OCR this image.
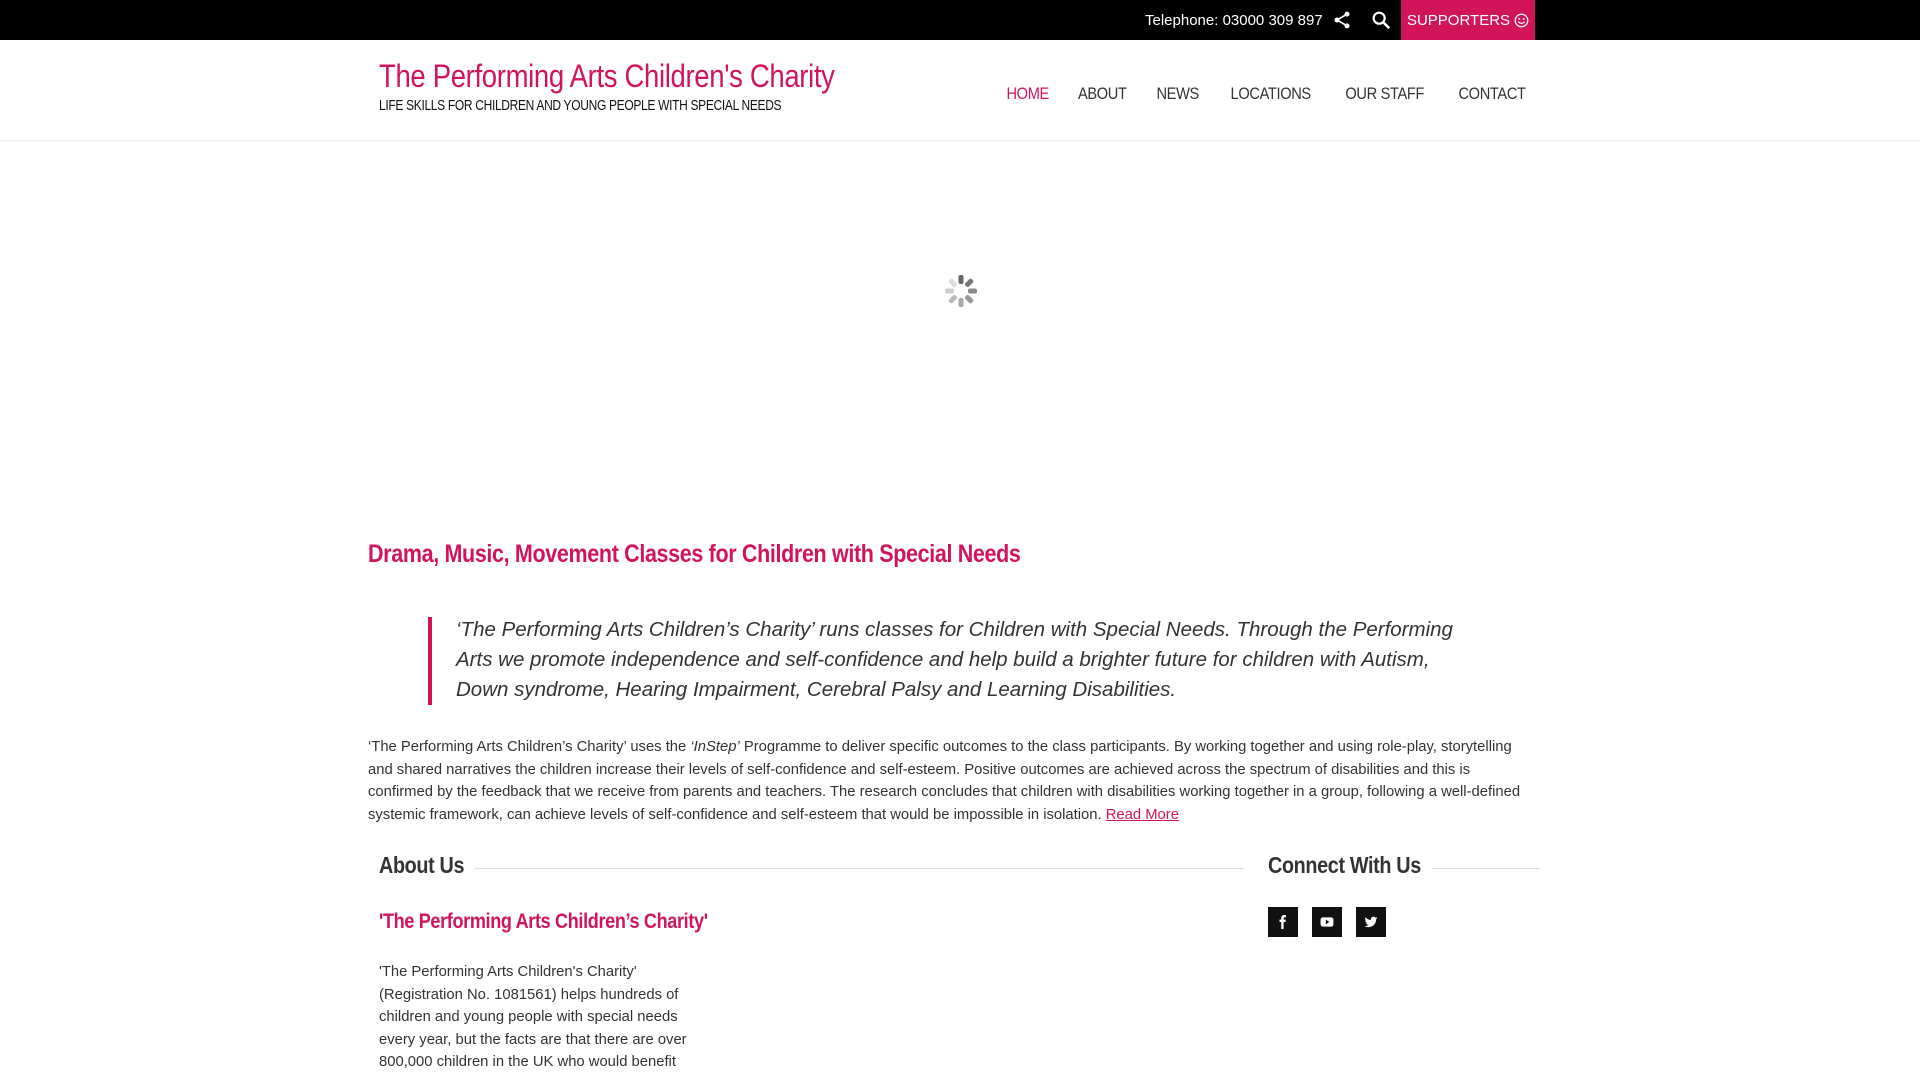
Telephone: 03000 309 897	SUPPORTERS
The Performing Arts Children's Charity
LIFE SKILLS FOR CHILDREN AND YOUNG PEOPLE WITH SPECIAL NEEDS
HOME ABOUT NEWS LOCATIONS OUR STAFF CONTACT
Drama, Music, Movement Classes for Children with Special Needs

‘The Performing Arts Children’s Charity’ runs classes for Children with Special Needs. Through the Performing Arts we promote independence and self-confidence and help build a brighter future for children with Autism, Down syndrome, Hearing Impairment, Cerebral Palsy and Learning Disabilities.

‘The Performing Arts Children’s Charity’ uses the ‘InStep’ Programme to deliver specific outcomes to the class participants. By working together and using role-play, storytelling and shared narratives the children increase their levels of self-confidence and self-esteem. Positive outcomes are achieved across the spectrum of disabilities and this is confirmed by the feedback that we receive from parents and teachers. The research concludes that children with disabilities working together in a group, following a well-defined systemic framework, can achieve levels of self-confidence and self-esteem that would be impossible in isolation. Read More

About Us
'The Performing Arts Children’s Charity'

'The Performing Arts Children's Charity' (Registration No. 1081561) helps hundreds of children and young people with special needs every year, but the facts are that there are over 800,000 children in the UK who would benefit

Connect With Us
